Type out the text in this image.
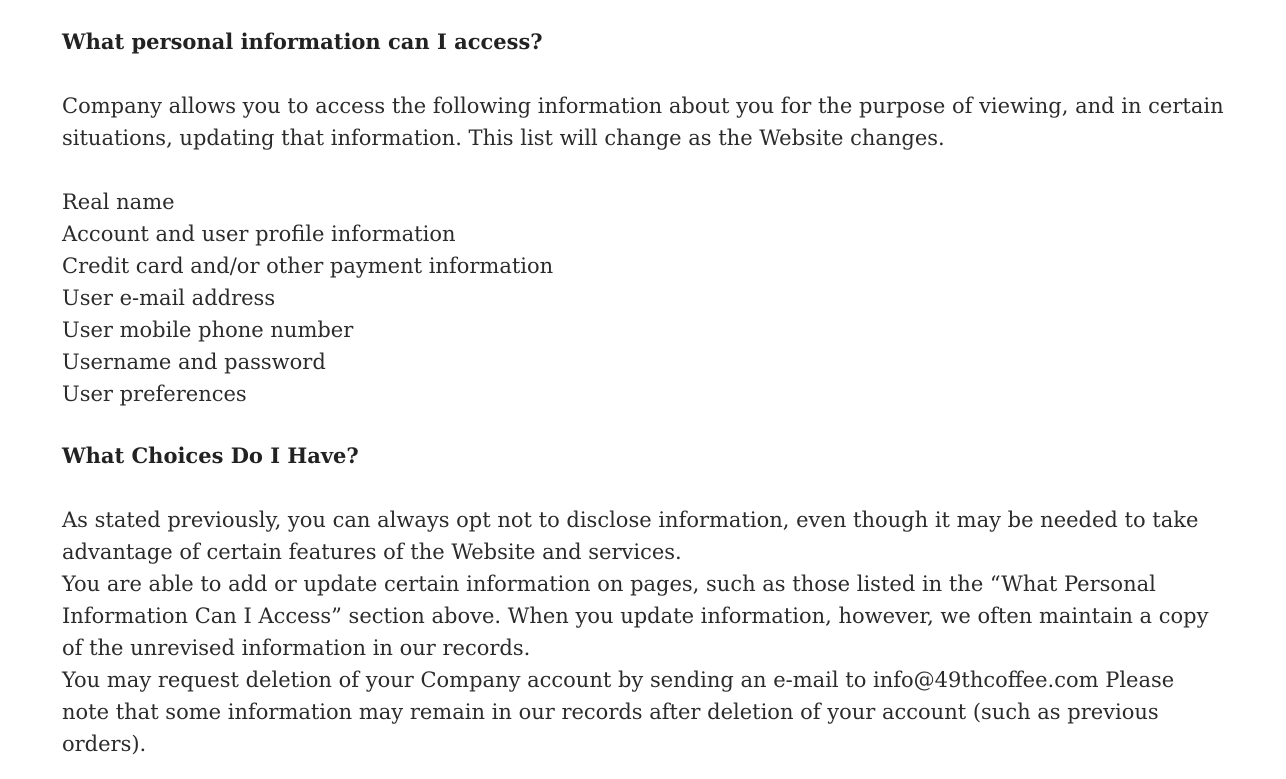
What personal information can I access?

Company allows you to access the following information about you for the purpose of viewing, and in certain situations, updating that information. This list will change as the Website changes.

Real name
Account and user profile information
Credit card and/or other payment information
User e-mail address
User mobile phone number
Username and password
User preferences
What Choices Do I Have?

As stated previously, you can always opt not to disclose information, even though it may be needed to take advantage of certain features of the Website and services.

You are able to add or update certain information on pages, such as those listed in the “What Personal Information Can I Access” section above. When you update information, however, we often maintain a copy of the unrevised information in our records.

You may request deletion of your Company account by sending an e-mail to info@49thcoffee.com Please note that some information may remain in our records after deletion of your account (such as previous orders).
